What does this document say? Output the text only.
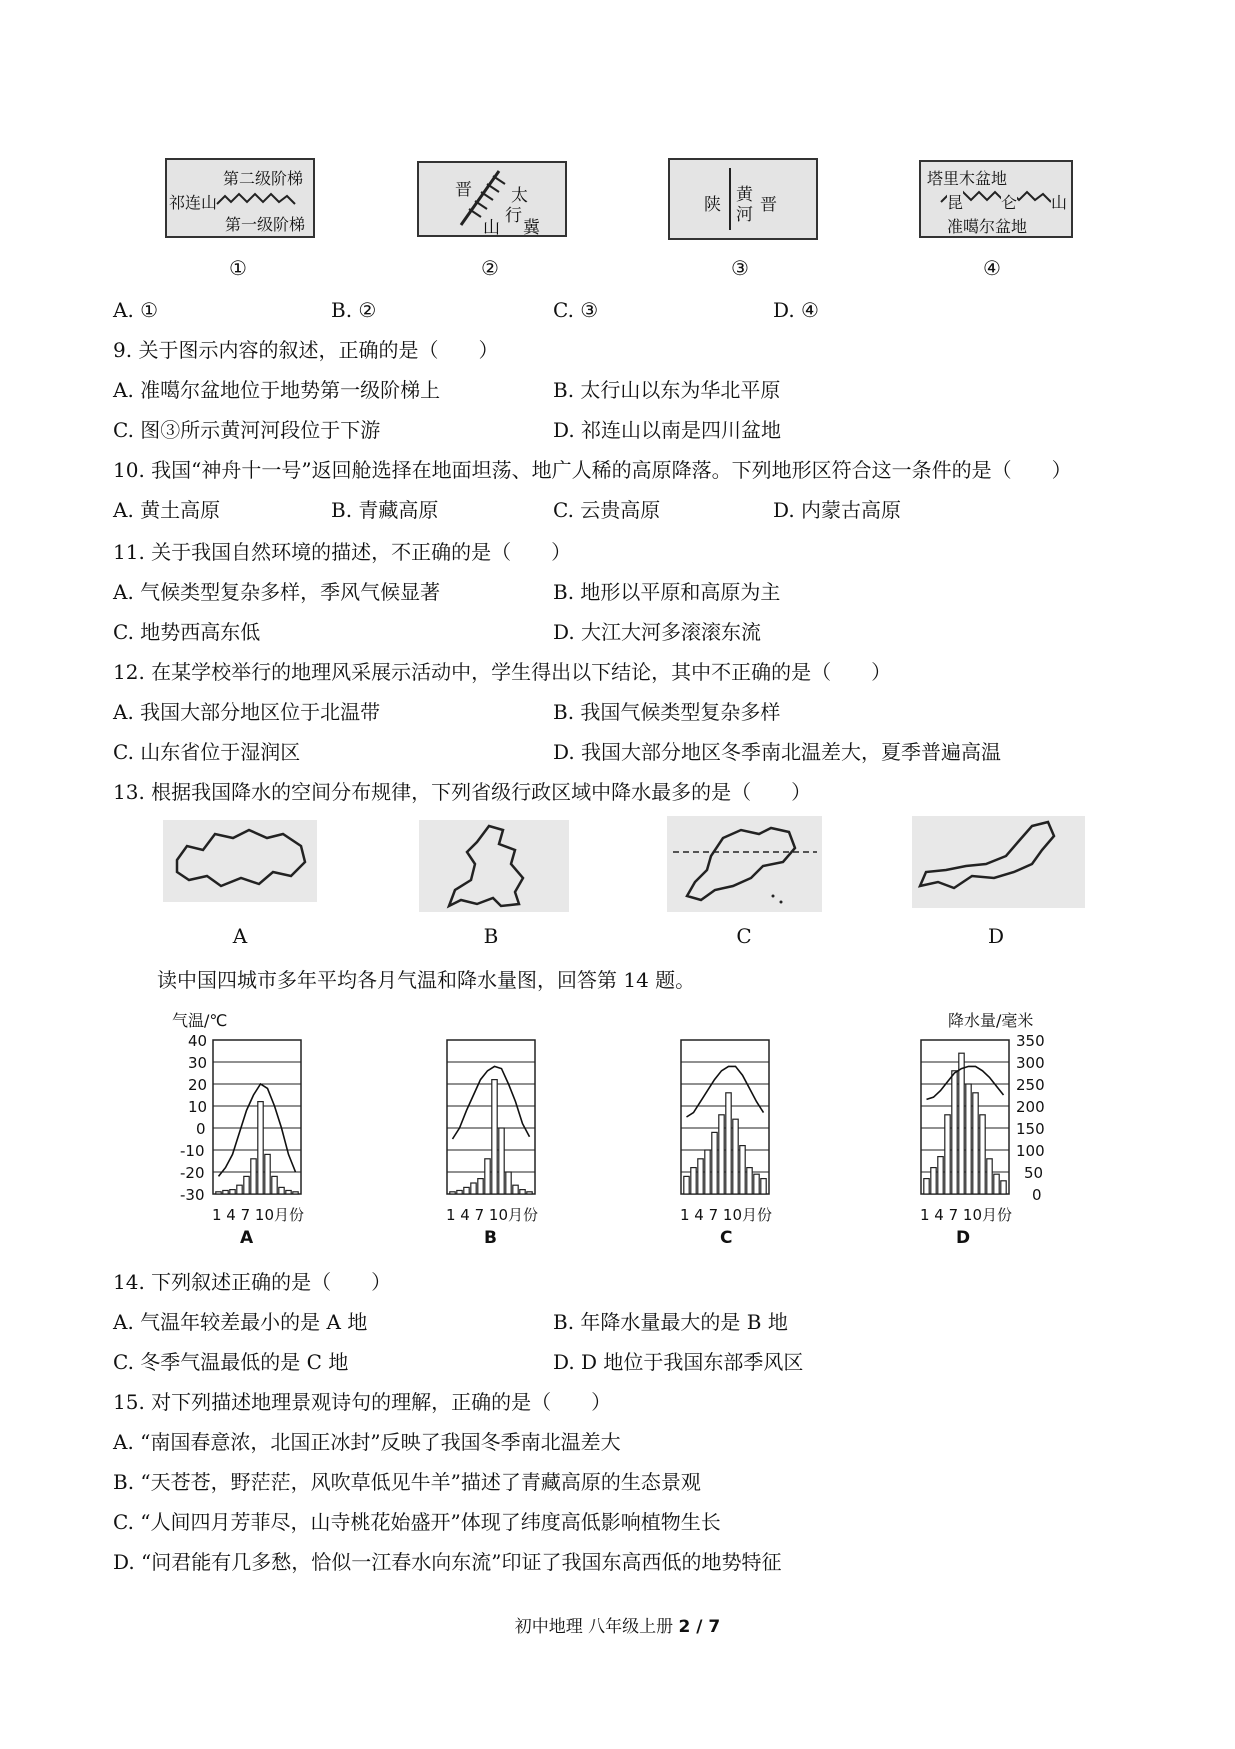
第二级阶梯
祁连山
第一级阶梯
①
晋 太
行
山 冀
②
陕 黄
河 晋
③
塔里木盆地
昆 仑 山
准噶尔盆地
④
A. ①	B. ②	C. ③	D. ④
9. 关于图示内容的叙述，正确的是（　　）
A. 准噶尔盆地位于地势第一级阶梯上	B. 太行山以东为华北平原
C. 图③所示黄河河段位于下游	D. 祁连山以南是四川盆地
10. 我国“神舟十一号”返回舱选择在地面坦荡、地广人稀的高原降落。下列地形区符合这一条件的是（　　）
A. 黄土高原	B. 青藏高原	C. 云贵高原	D. 内蒙古高原
11. 关于我国自然环境的描述，不正确的是（　　）
A. 气候类型复杂多样，季风气候显著	B. 地形以平原和高原为主
C. 地势西高东低	D. 大江大河多滚滚东流
12. 在某学校举行的地理风采展示活动中，学生得出以下结论，其中不正确的是（　　）
A. 我国大部分地区位于北温带	B. 我国气候类型复杂多样
C. 山东省位于湿润区	D. 我国大部分地区冬季南北温差大，夏季普遍高温
13. 根据我国降水的空间分布规律，下列省级行政区域中降水最多的是（　　）
A	B	C	D
读中国四城市多年平均各月气温和降水量图，回答第 14 题。
气温/℃	降水量/毫米
40
30
20
10
0
-10
-20
-30
350
300
250
200
150
100
50
0
1 4 7 10月份	1 4 7 10月份	1 4 7 10月份	1 4 7 10月份
A	B	C	D
14. 下列叙述正确的是（　　）
A. 气温年较差最小的是 A 地	B. 年降水量最大的是 B 地
C. 冬季气温最低的是 C 地	D. D 地位于我国东部季风区
15. 对下列描述地理景观诗句的理解，正确的是（　　）
A. “南国春意浓，北国正冰封”反映了我国冬季南北温差大
B. “天苍苍，野茫茫，风吹草低见牛羊”描述了青藏高原的生态景观
C. “人间四月芳菲尽，山寺桃花始盛开”体现了纬度高低影响植物生长
D. “问君能有几多愁，恰似一江春水向东流”印证了我国东高西低的地势特征
初中地理 八年级上册 2 / 7
